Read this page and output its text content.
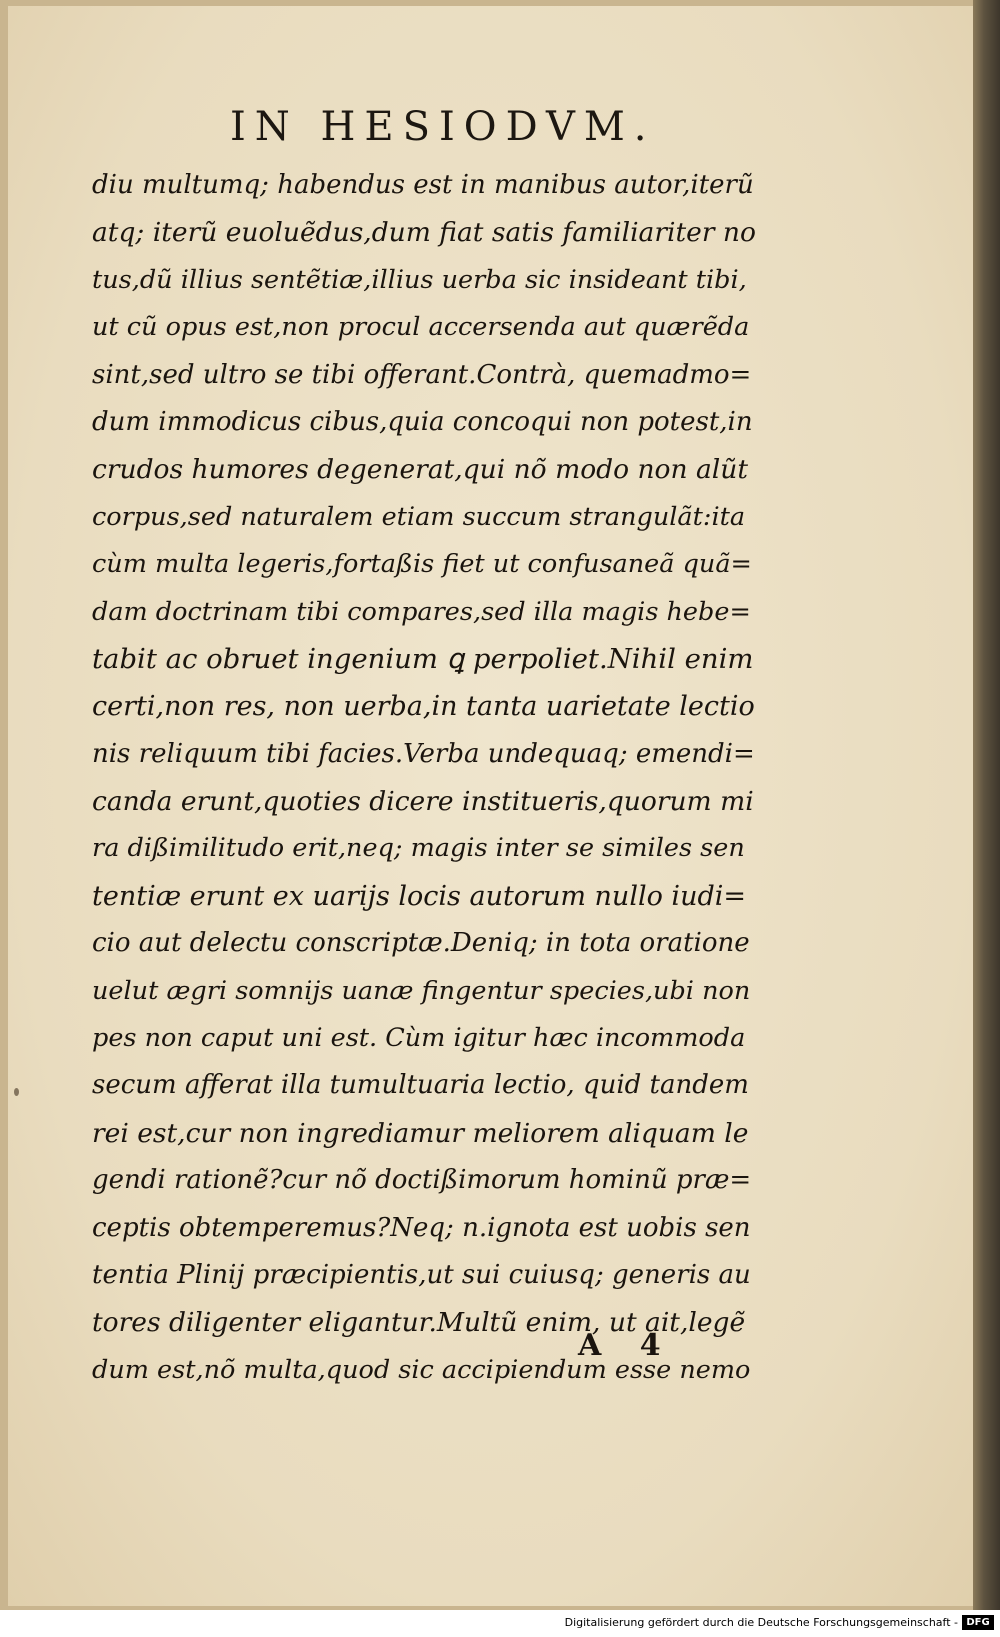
IN HESIODVM.
diu multumq; habendus est in manibus autor,iterũ
atq; iterũ euoluẽdus,dum fiat satis familiariter no
tus,dũ illius sentẽtiæ,illius uerba sic insideant tibi,
ut cũ opus est,non procul accersenda aut quærẽda
sint,sed ultro se tibi offerant.Contrà, quemadmo=
dum immodicus cibus,quia concoqui non potest,in
crudos humores degenerat,qui nõ modo non alũt
corpus,sed naturalem etiam succum strangulãt:ita
cùm multa legeris,fortaßis fiet ut confusaneã quã=
dam doctrinam tibi compares,sed illa magis hebe=
tabit ac obruet ingenium ꝗ perpoliet.Nihil enim
certi,non res, non uerba,in tanta uarietate lectio
nis reliquum tibi facies.Verba undequaq; emendi=
canda erunt,quoties dicere institueris,quorum mi
ra dißimilitudo erit,neq; magis inter se similes sen
tentiæ erunt ex uarijs locis autorum nullo iudi=
cio aut delectu conscriptæ.Deniq; in tota oratione
uelut ægri somnijs uanæ fingentur species,ubi non
pes non caput uni est. Cùm igitur hæc incommoda
secum afferat illa tumultuaria lectio, quid tandem
rei est,cur non ingrediamur meliorem aliquam le
gendi rationẽ?cur nõ doctißimorum hominũ præ=
ceptis obtemperemus?Neq; n.ignota est uobis sen
tentia Plinij præcipientis,ut sui cuiusq; generis au
tores diligenter eligantur.Multũ enim, ut ait,legẽ
dum est,nõ multa,quod sic accipiendum esse nemo
A 4
Digitalisierung gefördert durch die Deutsche Forschungsgemeinschaft - DFG
